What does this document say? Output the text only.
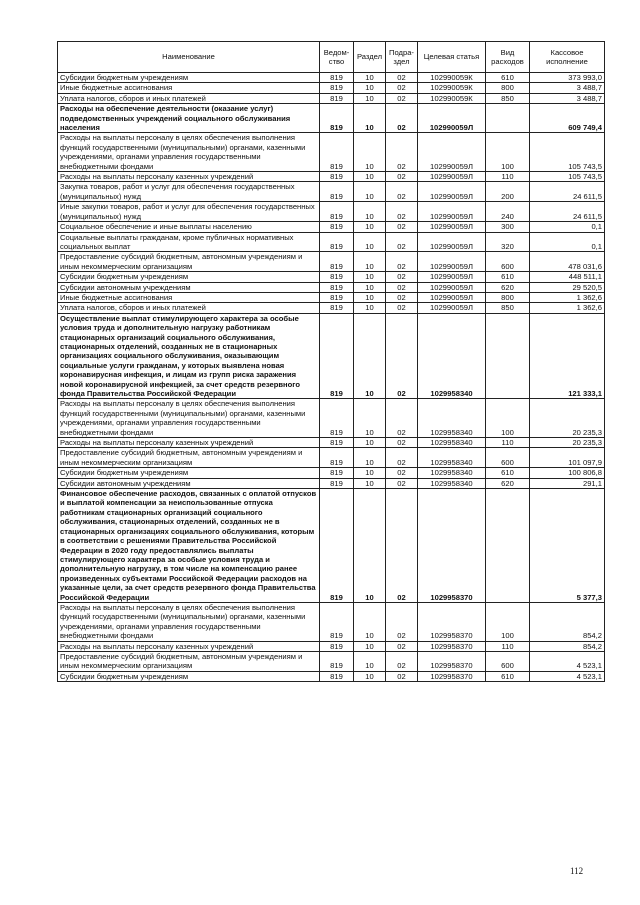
Наименование	Ведом-ство	Раздел	Подра-здел	Целевая статья	Вид расходов	Кассовое исполнение
Субсидии бюджетным учреждениям	819	10	02	102990059К	610	373 993,0
Иные бюджетные ассигнования	819	10	02	102990059К	800	3 488,7
Уплата налогов, сборов и иных платежей	819	10	02	102990059К	850	3 488,7
Расходы на обеспечение деятельности (оказание услуг) подведомственных учреждений социального обслуживания населения	819	10	02	102990059Л		609 749,4
Расходы на выплаты персоналу в целях обеспечения выполнения функций государственными (муниципальными) органами, казенными учреждениями, органами управления государственными внебюджетными фондами	819	10	02	102990059Л	100	105 743,5
Расходы на выплаты персоналу казенных учреждений	819	10	02	102990059Л	110	105 743,5
Закупка товаров, работ и услуг для обеспечения государственных (муниципальных) нужд	819	10	02	102990059Л	200	24 611,5
Иные закупки товаров, работ и услуг для обеспечения государственных (муниципальных) нужд	819	10	02	102990059Л	240	24 611,5
Социальное обеспечение и иные выплаты населению	819	10	02	102990059Л	300	0,1
Социальные выплаты гражданам, кроме публичных нормативных социальных выплат	819	10	02	102990059Л	320	0,1
Предоставление субсидий бюджетным, автономным учреждениям и иным некоммерческим организациям	819	10	02	102990059Л	600	478 031,6
Субсидии бюджетным учреждениям	819	10	02	102990059Л	610	448 511,1
Субсидии автономным учреждениям	819	10	02	102990059Л	620	29 520,5
Иные бюджетные ассигнования	819	10	02	102990059Л	800	1 362,6
Уплата налогов, сборов и иных платежей	819	10	02	102990059Л	850	1 362,6
Осуществление выплат стимулирующего характера за особые условия труда и дополнительную нагрузку работникам стационарных организаций социального обслуживания, стационарных отделений, созданных не в стационарных организациях социального обслуживания, оказывающим социальные услуги гражданам, у которых выявлена новая коронавирусная инфекция, и лицам из групп риска заражения новой коронавирусной инфекцией, за счет средств резервного фонда Правительства Российской Федерации	819	10	02	1029958340		121 333,1
Расходы на выплаты персоналу в целях обеспечения выполнения функций государственными (муниципальными) органами, казенными учреждениями, органами управления государственными внебюджетными фондами	819	10	02	1029958340	100	20 235,3
Расходы на выплаты персоналу казенных учреждений	819	10	02	1029958340	110	20 235,3
Предоставление субсидий бюджетным, автономным учреждениям и иным некоммерческим организациям	819	10	02	1029958340	600	101 097,9
Субсидии бюджетным учреждениям	819	10	02	1029958340	610	100 806,8
Субсидии автономным учреждениям	819	10	02	1029958340	620	291,1
Финансовое обеспечение расходов, связанных с оплатой отпусков и выплатой компенсации за неиспользованные отпуска работникам стационарных организаций социального обслуживания, стационарных отделений, созданных не в стационарных организациях социального обслуживания, которым в соответствии с решениями Правительства Российской Федерации в 2020 году предоставлялись выплаты стимулирующего характера за особые условия труда и дополнительную нагрузку, в том числе на компенсацию ранее произведенных субъектами Российской Федерации расходов на указанные цели, за счет средств резервного фонда Правительства Российской Федерации	819	10	02	1029958370		5 377,3
Расходы на выплаты персоналу в целях обеспечения выполнения функций государственными (муниципальными) органами, казенными учреждениями, органами управления государственными внебюджетными фондами	819	10	02	1029958370	100	854,2
Расходы на выплаты персоналу казенных учреждений	819	10	02	1029958370	110	854,2
Предоставление субсидий бюджетным, автономным учреждениям и иным некоммерческим организациям	819	10	02	1029958370	600	4 523,1
Субсидии бюджетным учреждениям	819	10	02	1029958370	610	4 523,1
112
